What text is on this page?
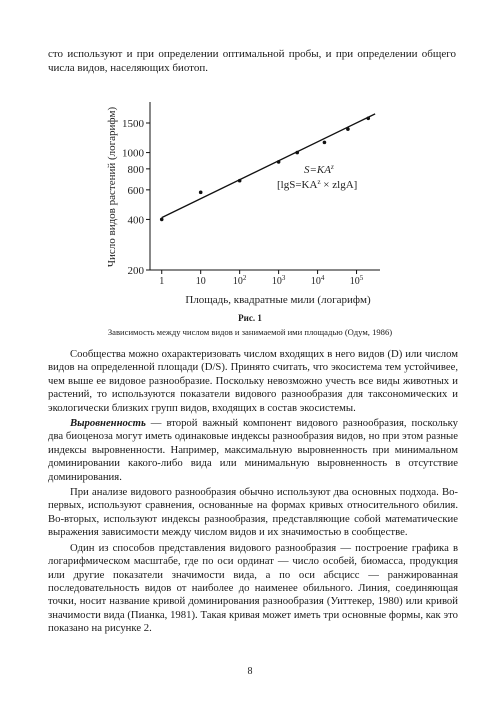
сто используют и при определении оптимальной пробы, и при определении общего числа видов, населяющих биотоп.

Число видов растений (логарифм)
200
400
600
800
1000
1500
1	10	$10^2$	$10^3$	$10^4$	$10^5$
$S=KA^z$
$[\lg S=KA^z \times zlgA]$
Площадь, квадратные мили (логарифм)
Рис. 1
Зависимость между числом видов и занимаемой ими площадью (Одум, 1986)

Сообщества можно охарактеризовать числом входящих в него видов (D) или числом видов на определенной площади (D/S). Принято считать, что экосистема тем устойчивее, чем выше ее видовое разнообразие. Поскольку невозможно учесть все виды животных и растений, то используются показатели видового разнообразия для таксономических и экологически близких групп видов, входящих в состав экосистемы.

Выровненность — второй важный компонент видового разнообразия, поскольку два биоценоза могут иметь одинаковые индексы разнообразия видов, но при этом разные индексы выровненности. Например, максимальную выровненность при минимальном доминировании какого-либо вида или минимальную выровненность в отсутствие доминирования.

При анализе видового разнообразия обычно используют два основных подхода. Во-первых, используют сравнения, основанные на формах кривых относительного обилия. Во-вторых, используют индексы разнообразия, представляющие собой математические выражения зависимости между числом видов и их значимостью в сообществе.

Один из способов представления видового разнообразия — построение графика в логарифмическом масштабе, где по оси ординат — число особей, биомасса, продукция или другие показатели значимости вида, а по оси абсцисс — ранжированная последовательность видов от наиболее до наименее обильного. Линия, соединяющая точки, носит название кривой доминирования разнообразия (Уиттекер, 1980) или кривой значимости вида (Пианка, 1981). Такая кривая может иметь три основные формы, как это показано на рисунке 2.

8
